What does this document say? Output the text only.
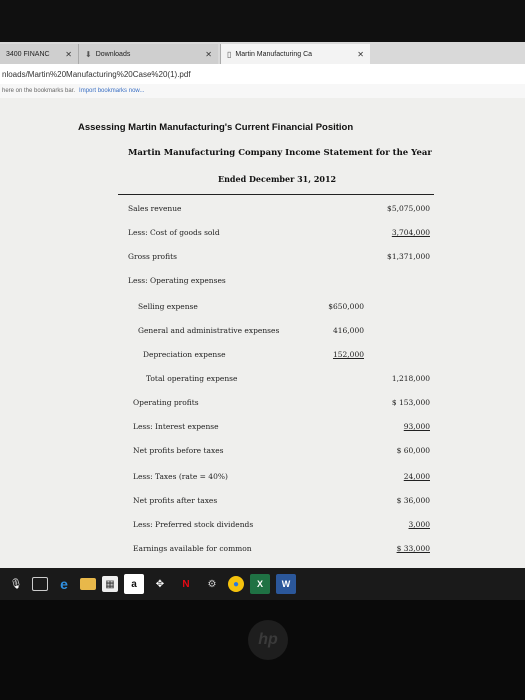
3400 FINANC ✕ ⬇ Downloads	✕ ▯ Martin Manufacturing Ca	✕
nloads/Martin%20Manufacturing%20Case%20(1).pdf
here on the bookmarks bar. Import bookmarks now...
Assessing Martin Manufacturing's Current Financial Position
Martin Manufacturing Company Income Statement for the Year
Ended December 31, 2012
Sales revenue	$5,075,000
Less: Cost of goods sold	3,704,000
Gross profits	$1,371,000
Less: Operating expenses
Selling expense	$650,000
General and administrative expenses	416,000
Depreciation expense	152,000
Total operating expense	1,218,000
Operating profits	$ 153,000
Less: Interest expense	93,000
Net profits before taxes	$ 60,000
Less: Taxes (rate = 40%)	24,000
Net profits after taxes	$ 36,000
Less: Preferred stock dividends	3,000
Earnings available for common	$ 33,000
🎙	e	▦	a	✥	N	⚙	●	X	W
hp
